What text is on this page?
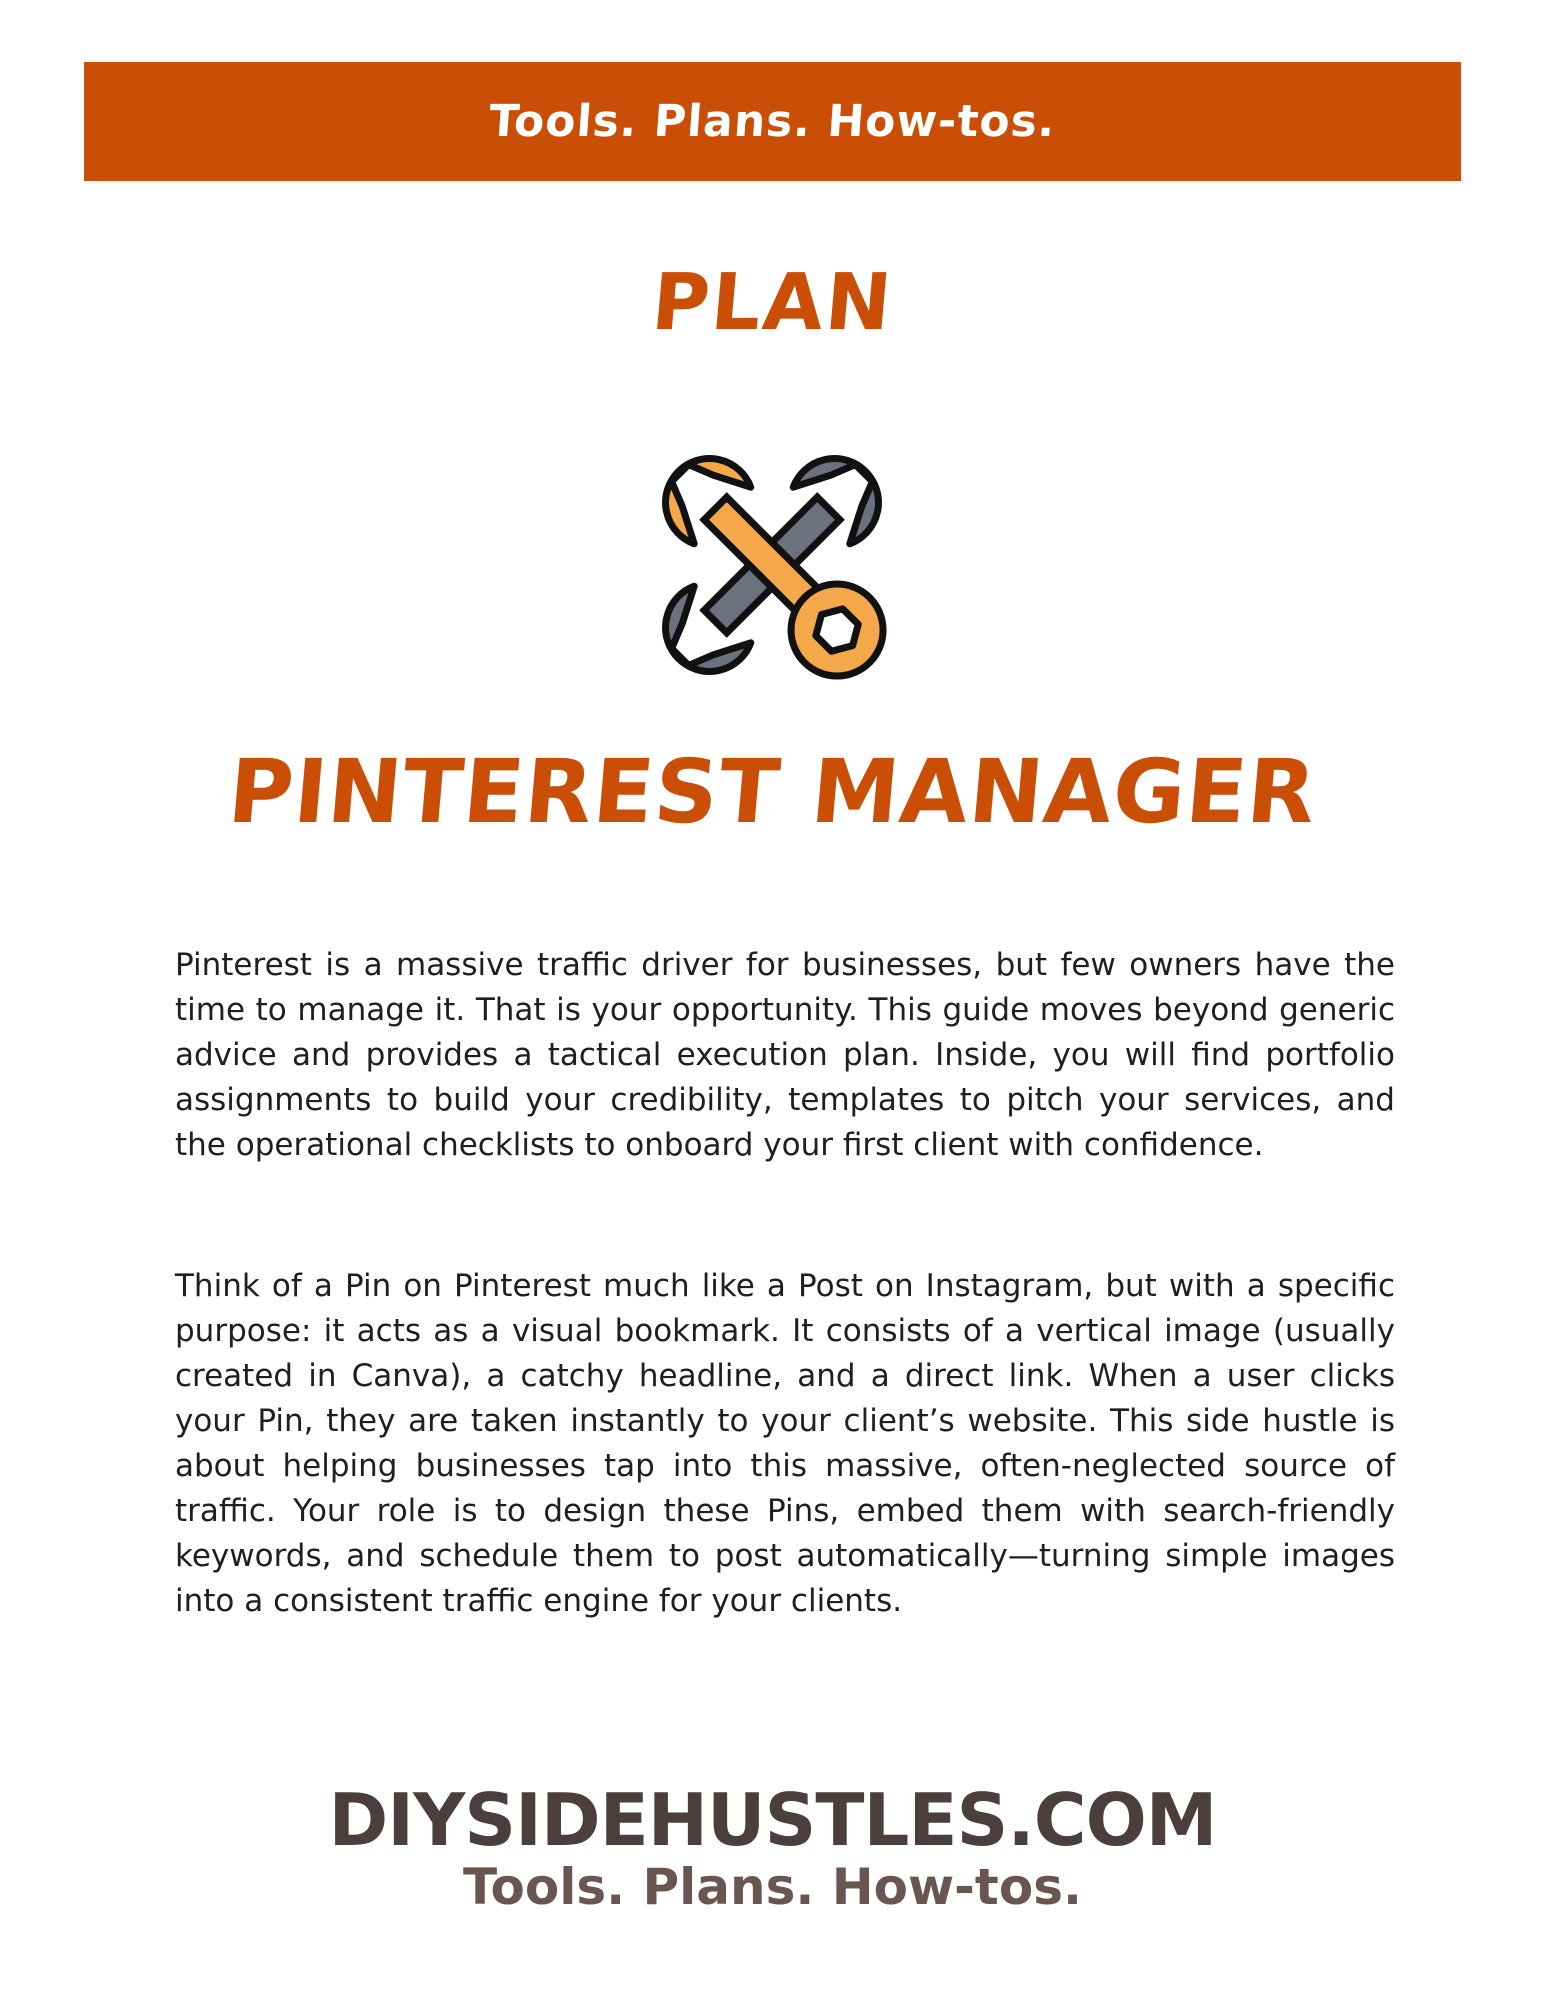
Tools. Plans. How-tos.
PLAN
PINTEREST MANAGER

Pinterest is a massive traffic driver for businesses, but few owners have the time to manage it. That is your opportunity. This guide moves beyond generic advice and provides a tactical execution plan. Inside, you will find portfolio assignments to build your credibility, templates to pitch your services, and the operational checklists to onboard your first client with confidence.

Think of a Pin on Pinterest much like a Post on Instagram, but with a specific purpose: it acts as a visual bookmark. It consists of a vertical image (usually created in Canva), a catchy headline, and a direct link. When a user clicks your Pin, they are taken instantly to your client’s website. This side hustle is about helping businesses tap into this massive, often-neglected source of traffic. Your role is to design these Pins, embed them with search-friendly keywords, and schedule them to post automatically—turning simple images into a consistent traffic engine for your clients.

DIYSIDEHUSTLES.COM
Tools. Plans. How-tos.
